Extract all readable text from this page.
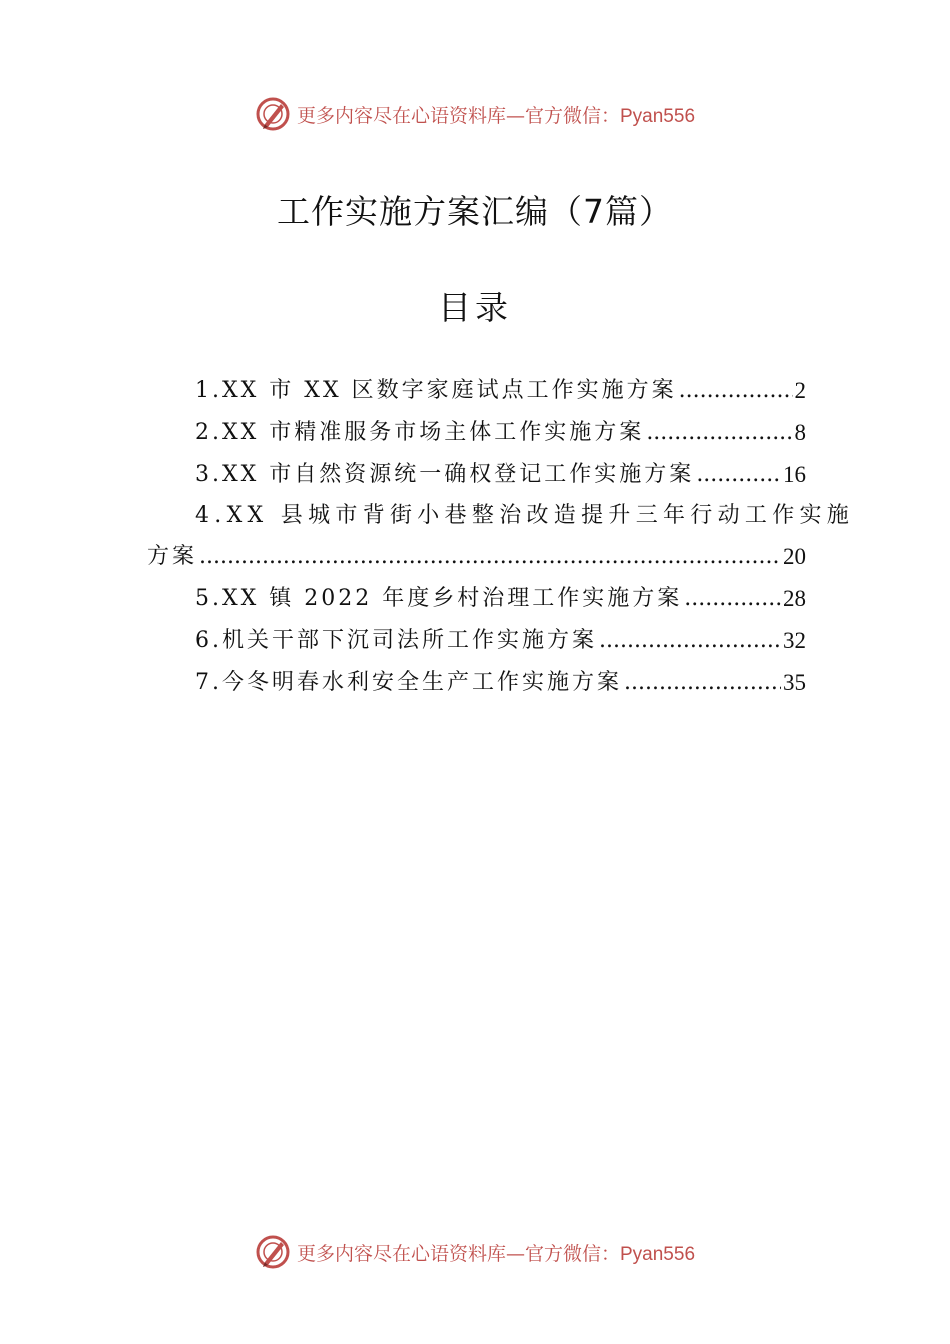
更多内容尽在心语资料库—官方微信：Pyan556
工作实施方案汇编（7篇）
目录
1.XX 市 XX 区数字家庭试点工作实施方案 .....	2
2.XX 市精准服务市场主体工作实施方案 .....	8
3.XX 市自然资源统一确权登记工作实施方案 .....	16
4.XX 县城市背街小巷整治改造提升三年行动工作实施
方案 .....	20
5.XX 镇 2022 年度乡村治理工作实施方案 .....	28
6.机关干部下沉司法所工作实施方案 .....	32
7.今冬明春水利安全生产工作实施方案 .....	35
更多内容尽在心语资料库—官方微信：Pyan556
